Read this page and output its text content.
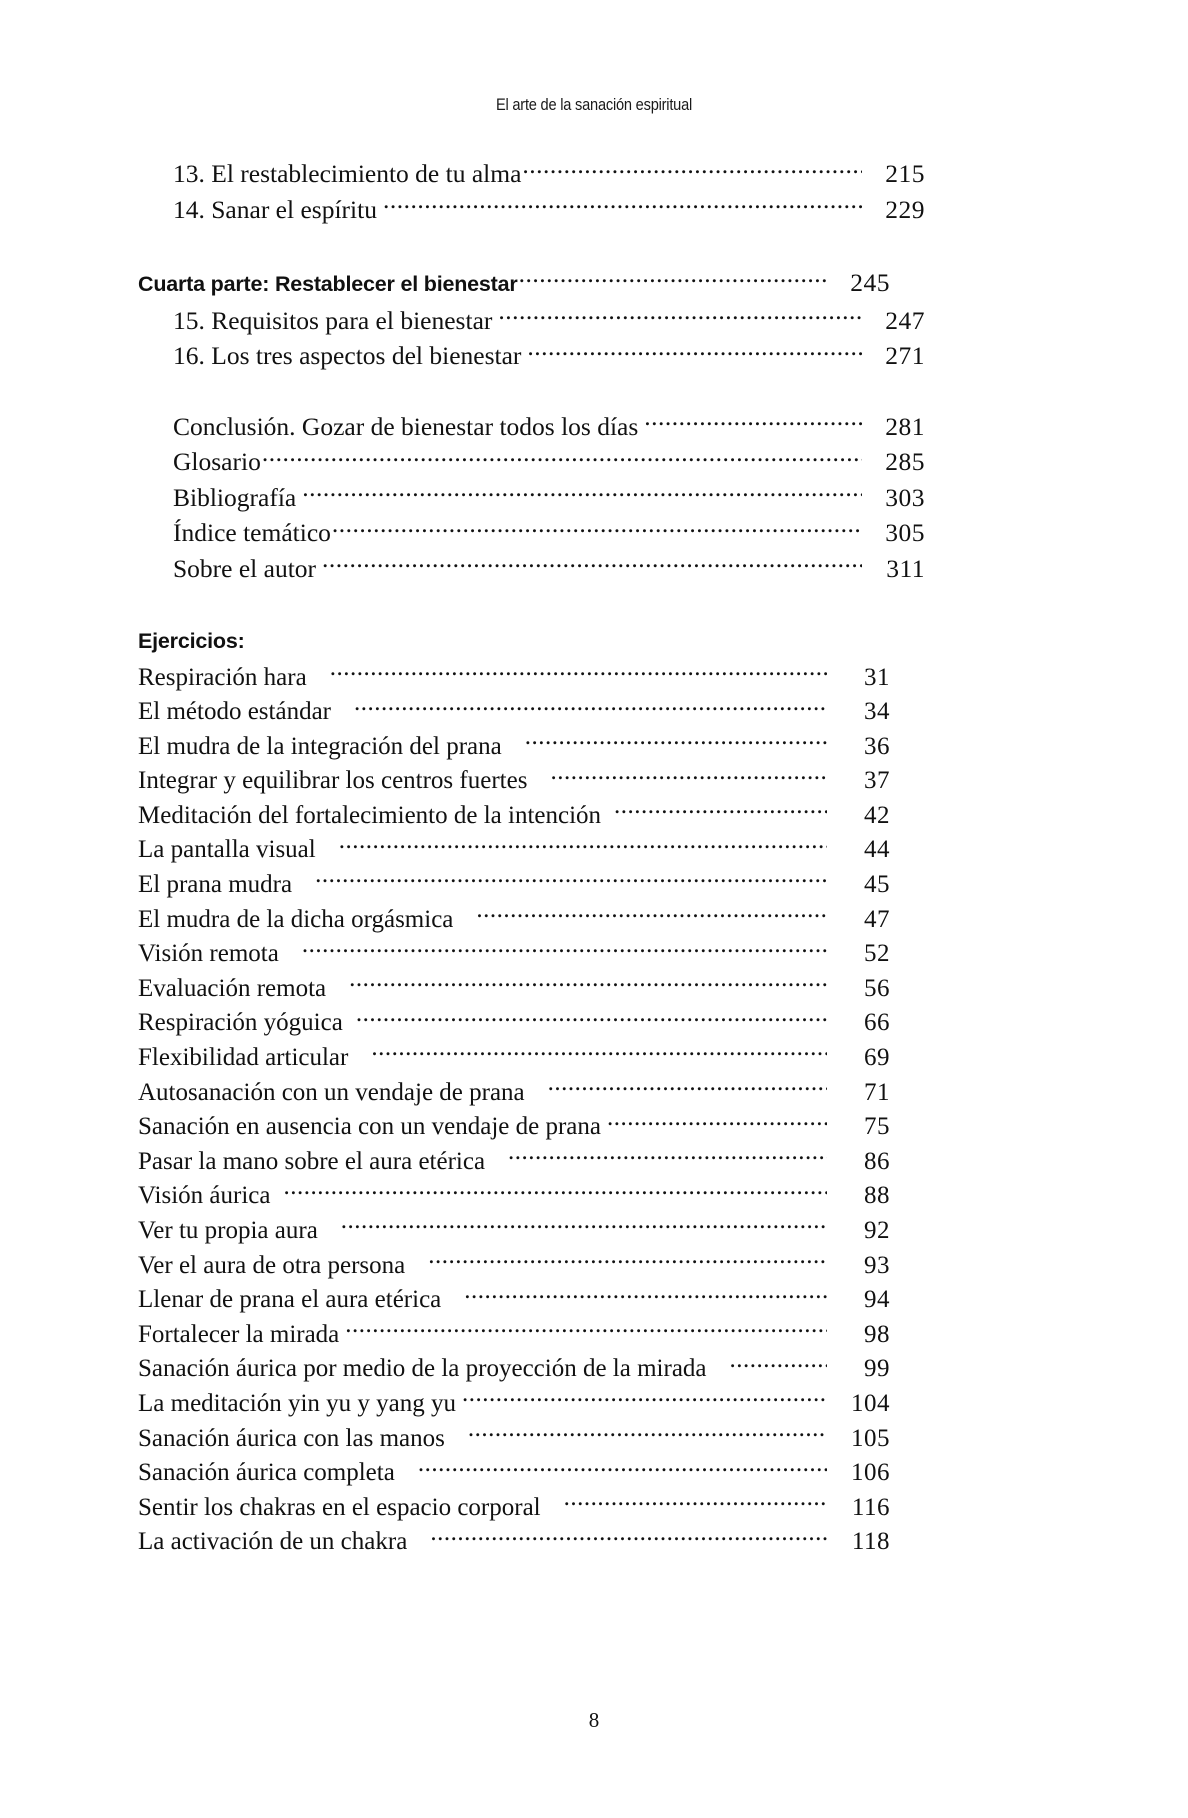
El arte de la sanación espiritual
13. El restablecimiento de tu alma .....	215
14. Sanar el espíritu .....	229
Cuarta parte: Restablecer el bienestar .....	245
15. Requisitos para el bienestar .....	247
16. Los tres aspectos del bienestar .....	271
Conclusión. Gozar de bienestar todos los días .....	281
Glosario .....	285
Bibliografía .....	303
Índice temático .....	305
Sobre el autor .....	311
Ejercicios:
Respiración hara .....	31
El método estándar .....	34
El mudra de la integración del prana .....	36
Integrar y equilibrar los centros fuertes .....	37
Meditación del fortalecimiento de la intención .....	42
La pantalla visual .....	44
El prana mudra .....	45
El mudra de la dicha orgásmica .....	47
Visión remota .....	52
Evaluación remota .....	56
Respiración yóguica .....	66
Flexibilidad articular .....	69
Autosanación con un vendaje de prana .....	71
Sanación en ausencia con un vendaje de prana .....	75
Pasar la mano sobre el aura etérica .....	86
Visión áurica .....	88
Ver tu propia aura .....	92
Ver el aura de otra persona .....	93
Llenar de prana el aura etérica .....	94
Fortalecer la mirada .....	98
Sanación áurica por medio de la proyección de la mirada .....	99
La meditación yin yu y yang yu .....	104
Sanación áurica con las manos .....	105
Sanación áurica completa .....	106
Sentir los chakras en el espacio corporal .....	116
La activación de un chakra .....	118
8
